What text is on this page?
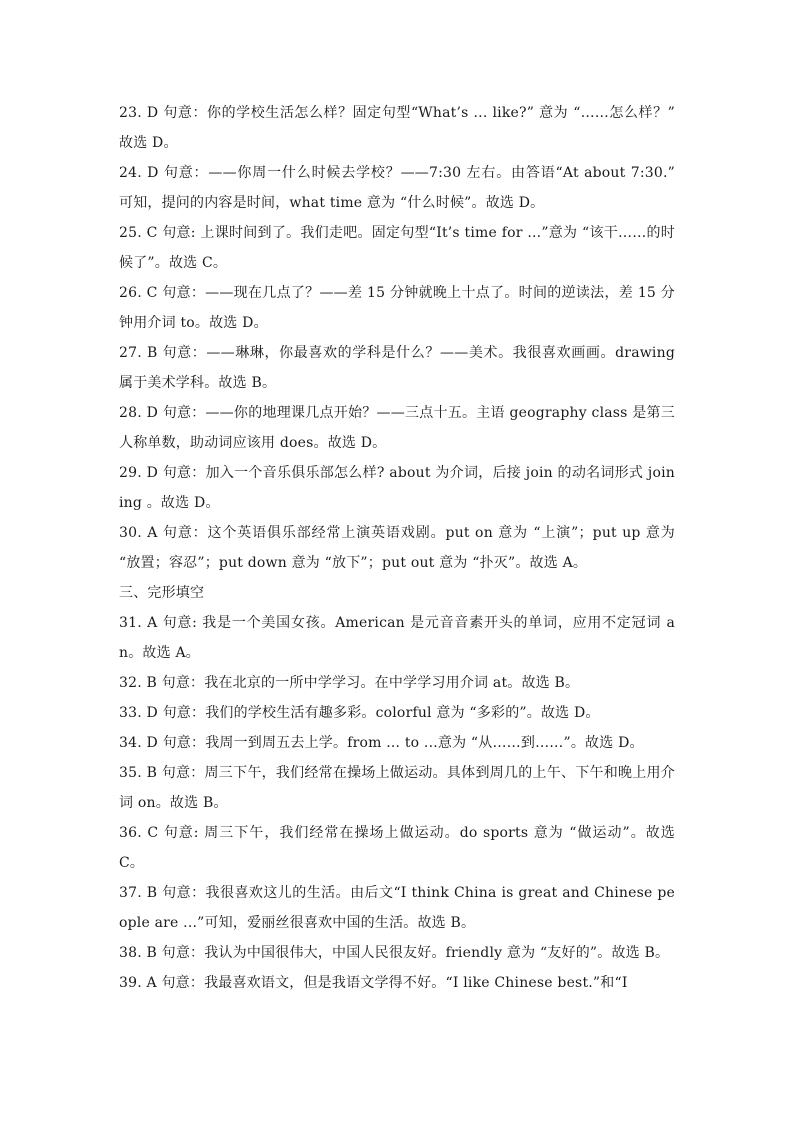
23. D 句意：你的学校生活怎么样？固定句型“What’s ... like?” 意为 “……怎么样？” 故选 D。

24. D 句意：——你周一什么时候去学校？——7:30 左右。由答语“At about 7:30.” 可知，提问的内容是时间，what time 意为 “什么时候”。故选 D。

25. C 句意: 上课时间到了。我们走吧。固定句型“It’s time for ...”意为 “该干……的时候了”。故选 C。

26. C 句意：——现在几点了？——差 15 分钟就晚上十点了。时间的逆读法，差 15 分钟用介词 to。故选 D。

27. B 句意：——琳琳，你最喜欢的学科是什么？——美术。我很喜欢画画。drawing 属于美术学科。故选 B。

28. D 句意：——你的地理课几点开始？——三点十五。主语 geography class 是第三人称单数，助动词应该用 does。故选 D。

29. D 句意：加入一个音乐俱乐部怎么样? about 为介词，后接 join 的动名词形式 joining 。故选 D。

30. A 句意：这个英语俱乐部经常上演英语戏剧。put on 意为 “上演”；put up 意为 “放置；容忍”；put down 意为 “放下”；put out 意为 “扑灭”。故选 A。

三、完形填空

31. A 句意: 我是一个美国女孩。American 是元音音素开头的单词，应用不定冠词 an。故选 A。

32. B 句意：我在北京的一所中学学习。在中学学习用介词 at。故选 B。

33. D 句意：我们的学校生活有趣多彩。colorful 意为 “多彩的”。故选 D。

34. D 句意：我周一到周五去上学。from ... to ...意为 “从……到……”。故选 D。

35. B 句意：周三下午，我们经常在操场上做运动。具体到周几的上午、下午和晚上用介词 on。故选 B。

36. C 句意: 周三下午，我们经常在操场上做运动。do sports 意为 “做运动”。故选 C。

37. B 句意：我很喜欢这儿的生活。由后文“I think China is great and Chinese people are ...”可知，爱丽丝很喜欢中国的生活。故选 B。

38. B 句意：我认为中国很伟大，中国人民很友好。friendly 意为 “友好的”。故选 B。

39. A 句意：我最喜欢语文，但是我语文学得不好。“I like Chinese best.”和“I
